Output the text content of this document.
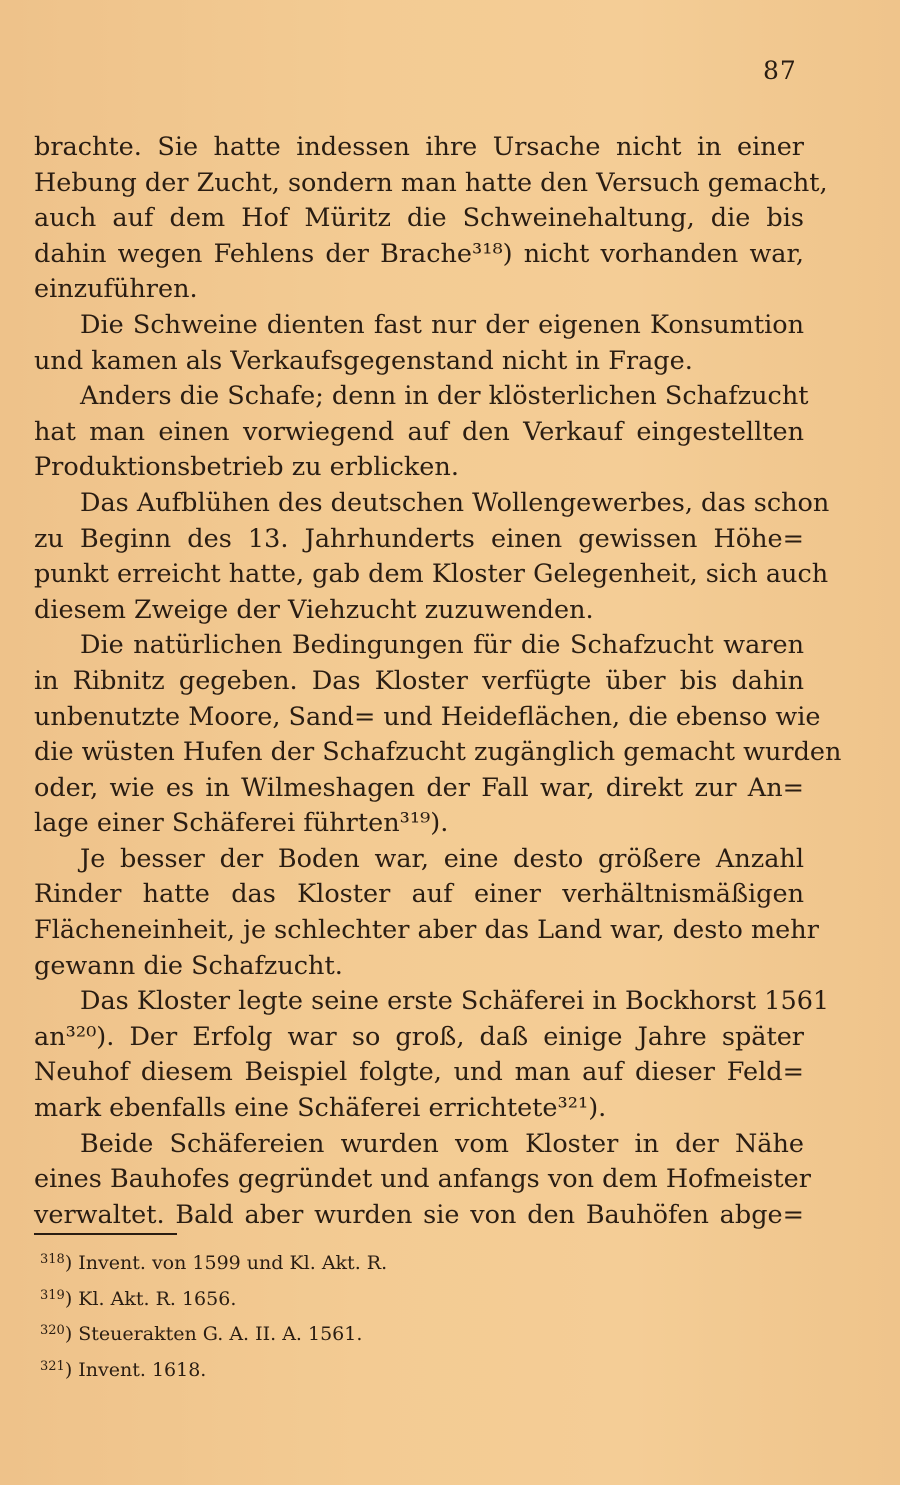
87

brachte. Sie hatte indessen ihre Ursache nicht in einer
Hebung der Zucht, sondern man hatte den Versuch gemacht,
auch auf dem Hof Müritz die Schweinehaltung, die bis
dahin wegen Fehlens der Brache³¹⁸) nicht vorhanden war,
einzuführen.

Die Schweine dienten fast nur der eigenen Konsumtion
und kamen als Verkaufsgegenstand nicht in Frage.

Anders die Schafe; denn in der klösterlichen Schafzucht
hat man einen vorwiegend auf den Verkauf eingestellten
Produktionsbetrieb zu erblicken.

Das Aufblühen des deutschen Wollengewerbes, das schon
zu Beginn des 13. Jahrhunderts einen gewissen Höhe=
punkt erreicht hatte, gab dem Kloster Gelegenheit, sich auch
diesem Zweige der Viehzucht zuzuwenden.

Die natürlichen Bedingungen für die Schafzucht waren
in Ribnitz gegeben. Das Kloster verfügte über bis dahin
unbenutzte Moore, Sand= und Heideflächen, die ebenso wie
die wüsten Hufen der Schafzucht zugänglich gemacht wurden
oder, wie es in Wilmeshagen der Fall war, direkt zur An=
lage einer Schäferei führten³¹⁹).

Je besser der Boden war, eine desto größere Anzahl
Rinder hatte das Kloster auf einer verhältnismäßigen
Flächeneinheit, je schlechter aber das Land war, desto mehr
gewann die Schafzucht.

Das Kloster legte seine erste Schäferei in Bockhorst 1561
an³²⁰). Der Erfolg war so groß, daß einige Jahre später
Neuhof diesem Beispiel folgte, und man auf dieser Feld=
mark ebenfalls eine Schäferei errichtete³²¹).

Beide Schäfereien wurden vom Kloster in der Nähe
eines Bauhofes gegründet und anfangs von dem Hofmeister
verwaltet. Bald aber wurden sie von den Bauhöfen abge=

$^{318}$) Invent. von 1599 und Kl. Akt. R.
$^{319}$) Kl. Akt. R. 1656.
$^{320}$) Steuerakten G. A. II. A. 1561.
$^{321}$) Invent. 1618.
